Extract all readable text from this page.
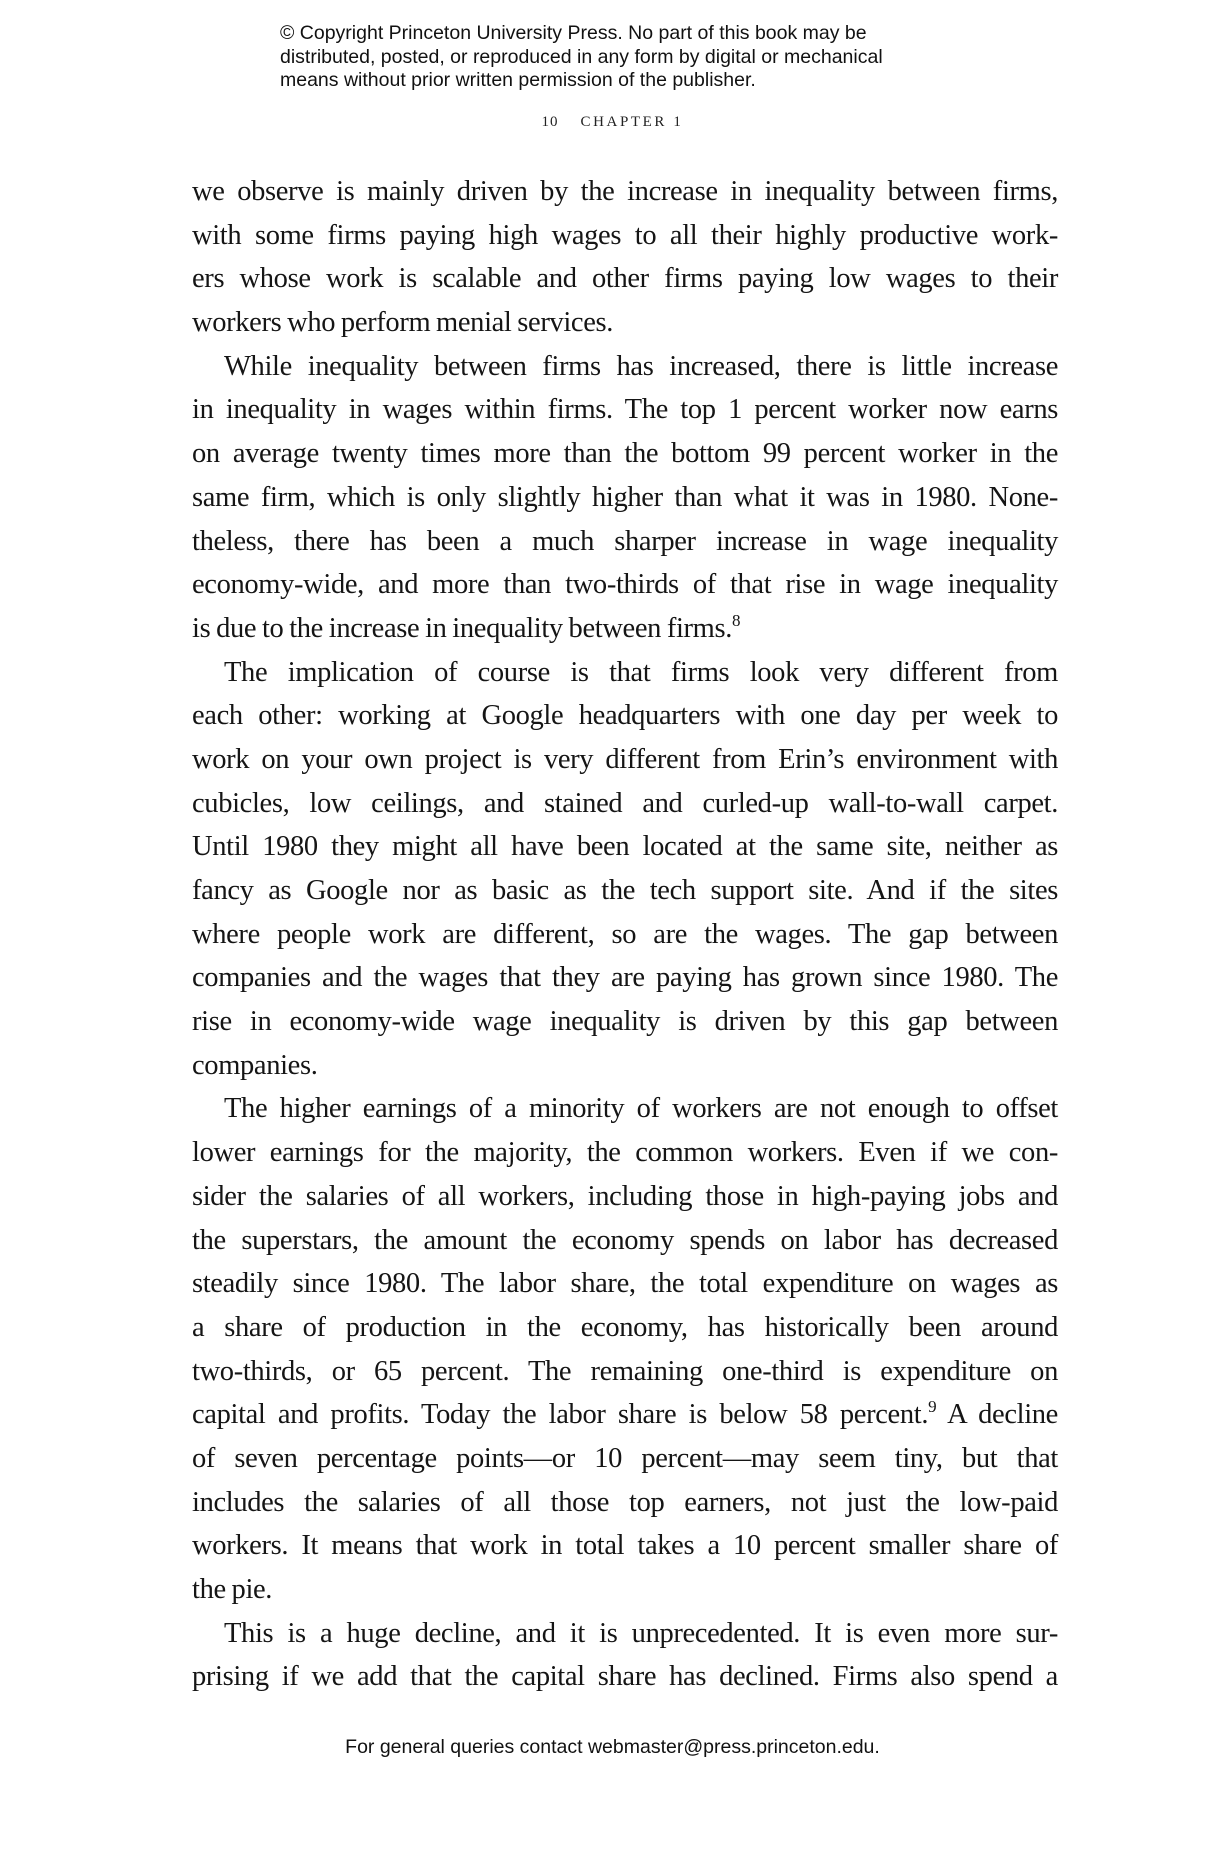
© Copyright Princeton University Press. No part of this book may be
distributed, posted, or reproduced in any form by digital or mechanical
means without prior written permission of the publisher.
10 CHAPTER 1
we observe is mainly driven by the increase in inequality between firms,
with some firms paying high wages to all their highly productive work-
ers whose work is scalable and other firms paying low wages to their
workers who perform menial services.
While inequality between firms has increased, there is little increase
in inequality in wages within firms. The top 1 percent worker now earns
on average twenty times more than the bottom 99 percent worker in the
same firm, which is only slightly higher than what it was in 1980. None-
theless, there has been a much sharper increase in wage inequality
economy-wide, and more than two-thirds of that rise in wage inequality
is due to the increase in inequality between firms.$^8$
The implication of course is that firms look very different from
each other: working at Google headquarters with one day per week to
work on your own project is very different from Erin’s environment with
cubicles, low ceilings, and stained and curled-up wall-to-wall carpet.
Until 1980 they might all have been located at the same site, neither as
fancy as Google nor as basic as the tech support site. And if the sites
where people work are different, so are the wages. The gap between
companies and the wages that they are paying has grown since 1980. The
rise in economy-wide wage inequality is driven by this gap between
companies.
The higher earnings of a minority of workers are not enough to offset
lower earnings for the majority, the common workers. Even if we con-
sider the salaries of all workers, including those in high-paying jobs and
the superstars, the amount the economy spends on labor has decreased
steadily since 1980. The labor share, the total expenditure on wages as
a share of production in the economy, has historically been around
two-thirds, or 65 percent. The remaining one-third is expenditure on
capital and profits. Today the labor share is below 58 percent.$^9$ A decline
of seven percentage points—or 10 percent—may seem tiny, but that
includes the salaries of all those top earners, not just the low-paid
workers. It means that work in total takes a 10 percent smaller share of
the pie.
This is a huge decline, and it is unprecedented. It is even more sur-
prising if we add that the capital share has declined. Firms also spend a
For general queries contact webmaster@press.princeton.edu.
